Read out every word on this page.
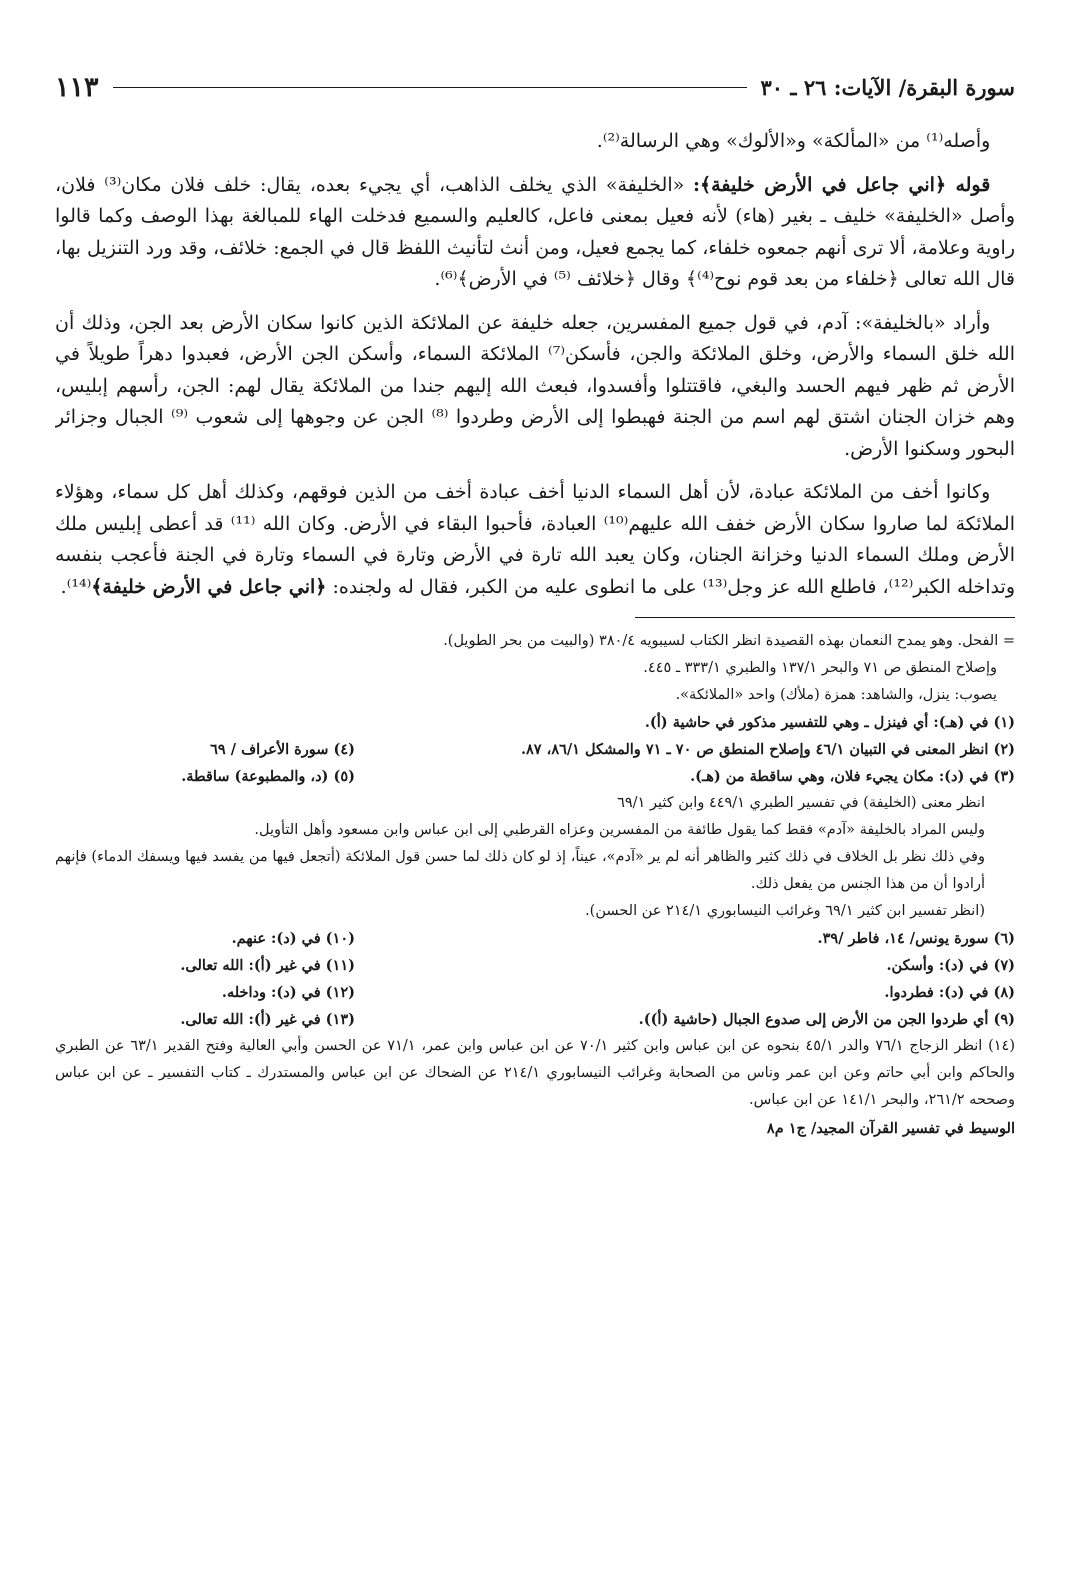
سورة البقرة/ الآيات: ٢٦ ـ ٣٠
١١٣

وأصله⁽¹⁾ من «المألكة» و«الألوك» وهي الرسالة⁽²⁾.

قوله ﴿اني جاعل في الأرض خليفة﴾: «الخليفة» الذي يخلف الذاهب، أي يجيء بعده، يقال: خلف فلان مكان⁽³⁾ فلان، وأصل «الخليفة» خليف ـ بغير (هاء) لأنه فعيل بمعنى فاعل، كالعليم والسميع فدخلت الهاء للمبالغة بهذا الوصف وكما قالوا راوية وعلامة، ألا ترى أنهم جمعوه خلفاء، كما يجمع فعيل، ومن أنث لتأنيث اللفظ قال في الجمع: خلائف، وقد ورد التنزيل بها، قال الله تعالى ﴿خلفاء من بعد قوم نوح⁽⁴⁾﴾ وقال ﴿خلائف ⁽⁵⁾ في الأرض﴾⁽⁶⁾.

وأراد «بالخليفة»: آدم، في قول جميع المفسرين، جعله خليفة عن الملائكة الذين كانوا سكان الأرض بعد الجن، وذلك أن الله خلق السماء والأرض، وخلق الملائكة والجن، فأسكن⁽⁷⁾ الملائكة السماء، وأسكن الجن الأرض، فعبدوا دهراً طويلاً في الأرض ثم ظهر فيهم الحسد والبغي، فاقتتلوا وأفسدوا، فبعث الله إليهم جندا من الملائكة يقال لهم: الجن، رأسهم إبليس، وهم خزان الجنان اشتق لهم اسم من الجنة فهبطوا إلى الأرض وطردوا ⁽⁸⁾ الجن عن وجوهها إلى شعوب ⁽⁹⁾ الجبال وجزائر البحور وسكنوا الأرض.

وكانوا أخف من الملائكة عبادة، لأن أهل السماء الدنيا أخف عبادة أخف من الذين فوقهم، وكذلك أهل كل سماء، وهؤلاء الملائكة لما صاروا سكان الأرض خفف الله عليهم⁽¹⁰⁾ العبادة، فأحبوا البقاء في الأرض. وكان الله ⁽¹¹⁾ قد أعطى إبليس ملك الأرض وملك السماء الدنيا وخزانة الجنان، وكان يعبد الله تارة في الأرض وتارة في السماء وتارة في الجنة فأعجب بنفسه وتداخله الكبر⁽¹²⁾، فاطلع الله عز وجل⁽¹³⁾ على ما انطوى عليه من الكبر، فقال له ولجنده: ﴿اني جاعل في الأرض خليفة﴾⁽¹⁴⁾.

= الفحل. وهو يمدح النعمان بهذه القصيدة انظر الكتاب لسيبويه ٣٨٠/٤ (والبيت من بحر الطويل).

وإصلاح المنطق ص ٧١ والبحر ١٣٧/١ والطبري ٣٣٣/١ ـ ٤٤٥.

يصوب: ينزل، والشاهد: همزة (ملأك) واحد «الملائكة».

(١) في (هـ): أي فينزل ـ وهي للتفسير مذكور في حاشية (أ).

(٢) انظر المعنى في التبيان ٤٦/١ وإصلاح المنطق ص ٧٠ ـ ٧١ والمشكل ٨٦/١، ٨٧.

(٤) سورة الأعراف / ٦٩

(٣) في (د): مكان يجيء فلان، وهي ساقطة من (هـ).

(٥) (د، والمطبوعة) ساقطة.

انظر معنى (الخليفة) في تفسير الطبري ٤٤٩/١ وابن كثير ٦٩/١

وليس المراد بالخليفة «آدم» فقط كما يقول طائفة من المفسرين وعزاه القرطبي إلى ابن عباس وابن مسعود وأهل التأويل.

وفي ذلك نظر بل الخلاف في ذلك كثير والظاهر أنه لم ير «آدم»، عيناً، إذ لو كان ذلك لما حسن قول الملائكة (أتجعل فيها من يفسد فيها ويسفك الدماء) فإنهم أرادوا أن من هذا الجنس من يفعل ذلك.

(انظر تفسير ابن كثير ٦٩/١ وغرائب النيسابوري ٢١٤/١ عن الحسن).

(٦) سورة يونس/ ١٤، فاطر /٣٩.

(١٠) في (د): عنهم.

(٧) في (د): وأسكن.

(١١) في غير (أ): الله تعالى.

(٨) في (د): فطردوا.

(١٢) في (د): وداخله.

(٩) أي طردوا الجن من الأرض إلى صدوع الجبال (حاشية (أ)).

(١٣) في غير (أ): الله تعالى.

(١٤) انظر الزجاج ٧٦/١ والدر ٤٥/١ بنحوه عن ابن عباس وابن كثير ٧٠/١ عن ابن عباس وابن عمر، ٧١/١ عن الحسن وأبي العالية وفتح القدير ٦٣/١ عن الطبري والحاكم وابن أبي حاتم وعن ابن عمر وناس من الصحابة وغرائب النيسابوري ٢١٤/١ عن الضحاك عن ابن عباس والمستدرك ـ كتاب التفسير ـ عن ابن عباس وصححه ٢٦١/٢، والبحر ١٤١/١ عن ابن عباس.

الوسيط في تفسير القرآن المجيد/ ج١ م٨
